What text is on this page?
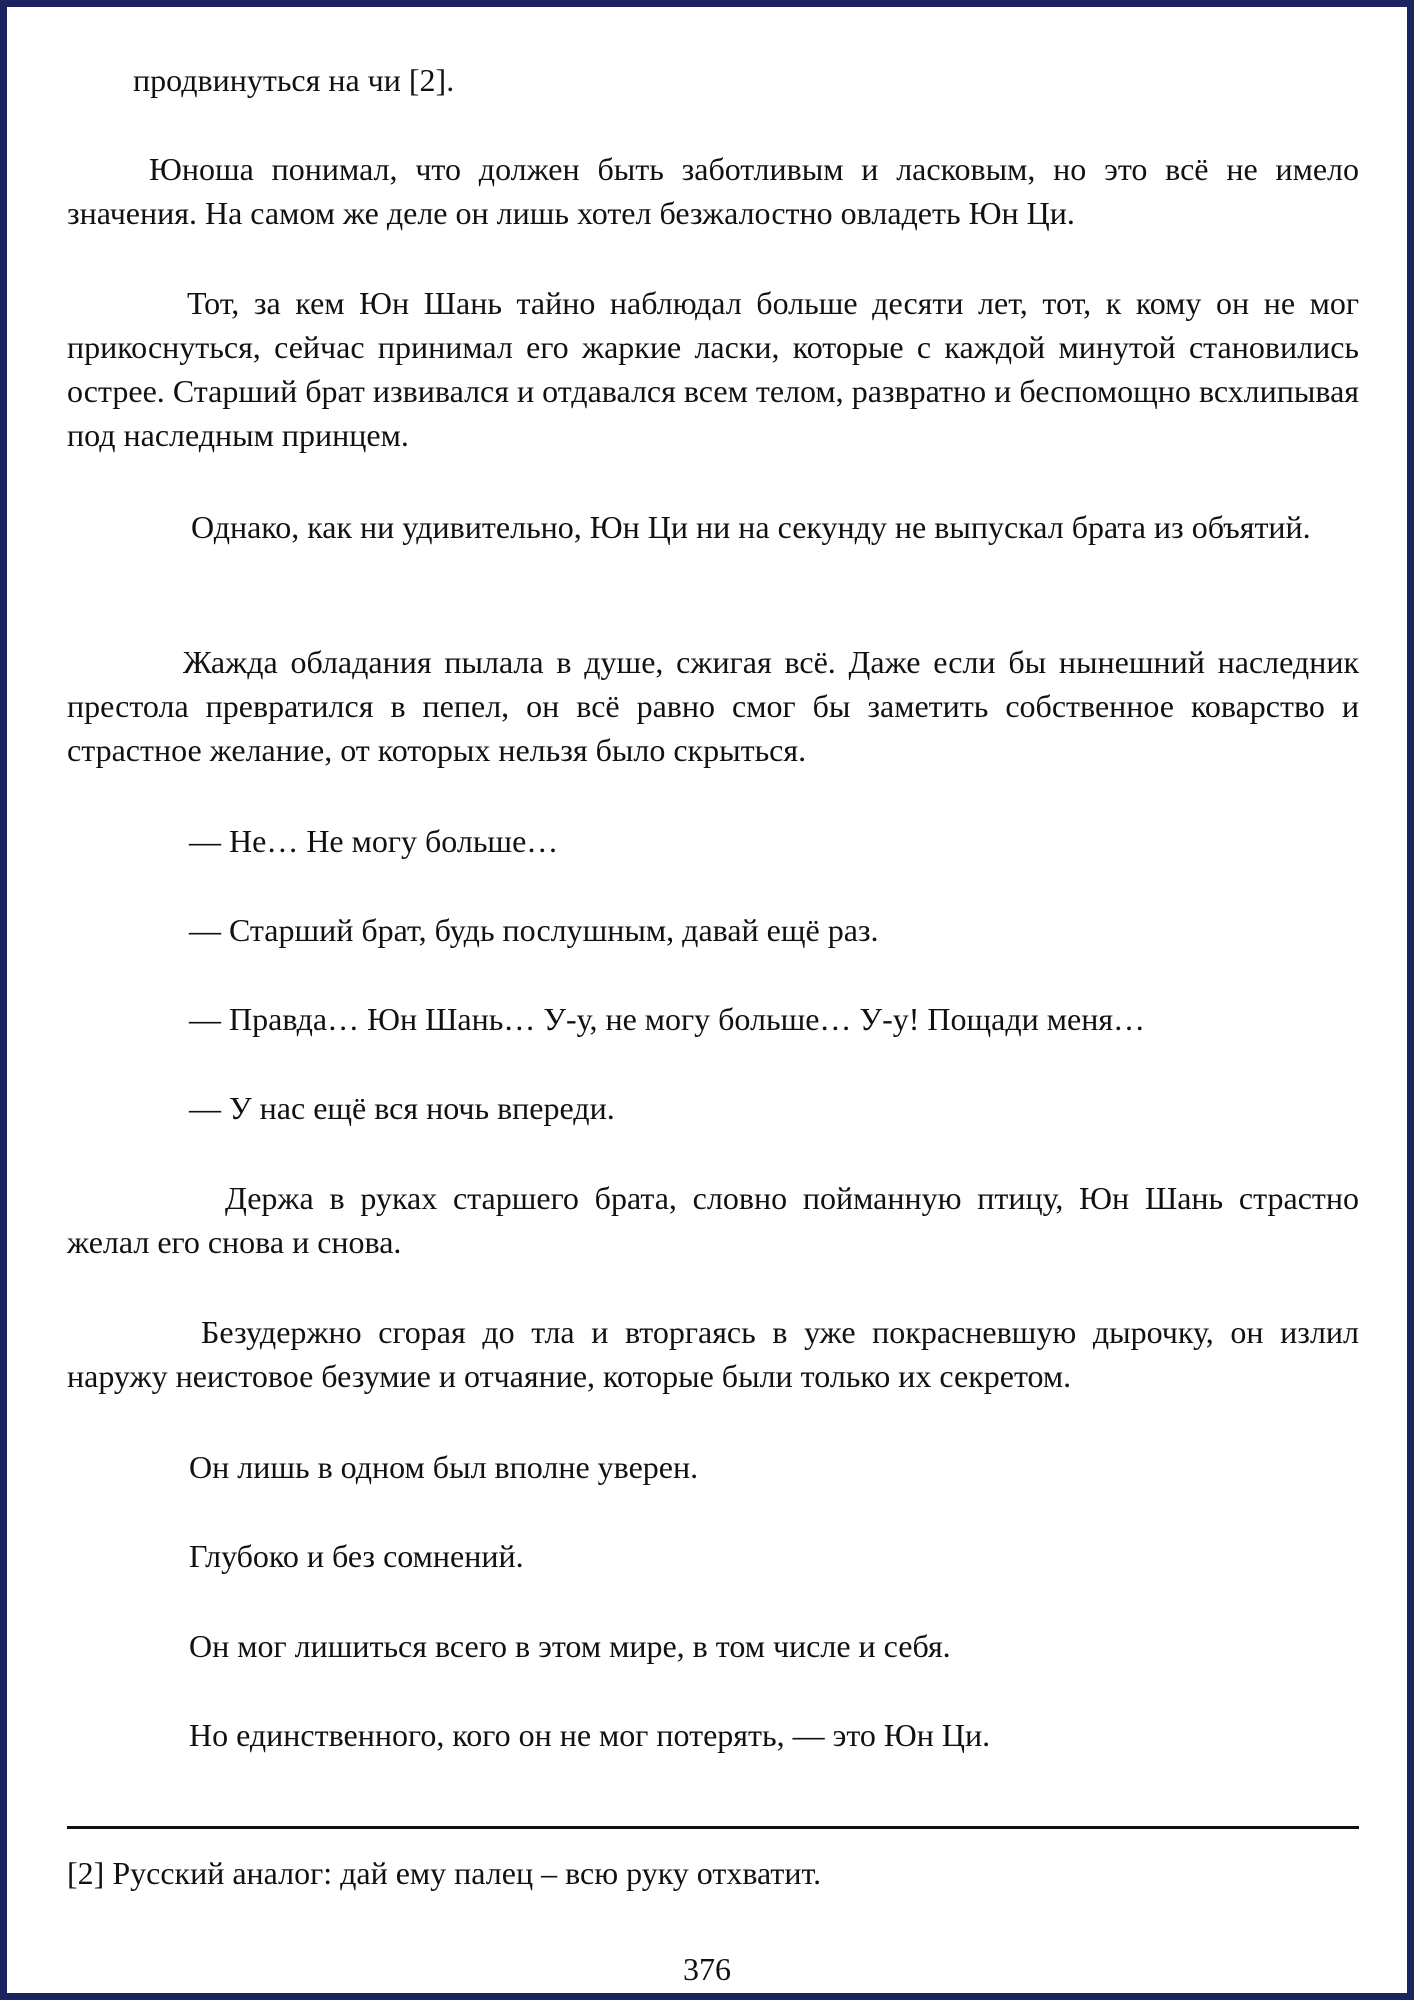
продвинуться на чи [2].

Юноша понимал, что должен быть заботливым и ласковым, но это всё не имело значения. На самом же деле он лишь хотел безжалостно овладеть Юн Ци.

Тот, за кем Юн Шань тайно наблюдал больше десяти лет, тот, к кому он не мог прикоснуться, сейчас принимал его жаркие ласки, которые с каждой минутой становились острее. Старший брат извивался и отдавался всем телом, развратно и беспомощно всхлипывая под наследным принцем.

Однако, как ни удивительно, Юн Ци ни на секунду не выпускал брата из объятий.

Жажда обладания пылала в душе, сжигая всё. Даже если бы нынешний наследник престола превратился в пепел, он всё равно смог бы заметить собственное коварство и страстное желание, от которых нельзя было скрыться.

— Не… Не могу больше…

— Старший брат, будь послушным, давай ещё раз.

— Правда… Юн Шань… У-у, не могу больше… У-у! Пощади меня…

— У нас ещё вся ночь впереди.

Держа в руках старшего брата, словно пойманную птицу, Юн Шань страстно желал его снова и снова.

Безудержно сгорая до тла и вторгаясь в уже покрасневшую дырочку, он излил наружу неистовое безумие и отчаяние, которые были только их секретом.

Он лишь в одном был вполне уверен.

Глубоко и без сомнений.

Он мог лишиться всего в этом мире, в том числе и себя.

Но единственного, кого он не мог потерять, — это Юн Ци.

[2] Русский аналог: дай ему палец – всю руку отхватит.
376
